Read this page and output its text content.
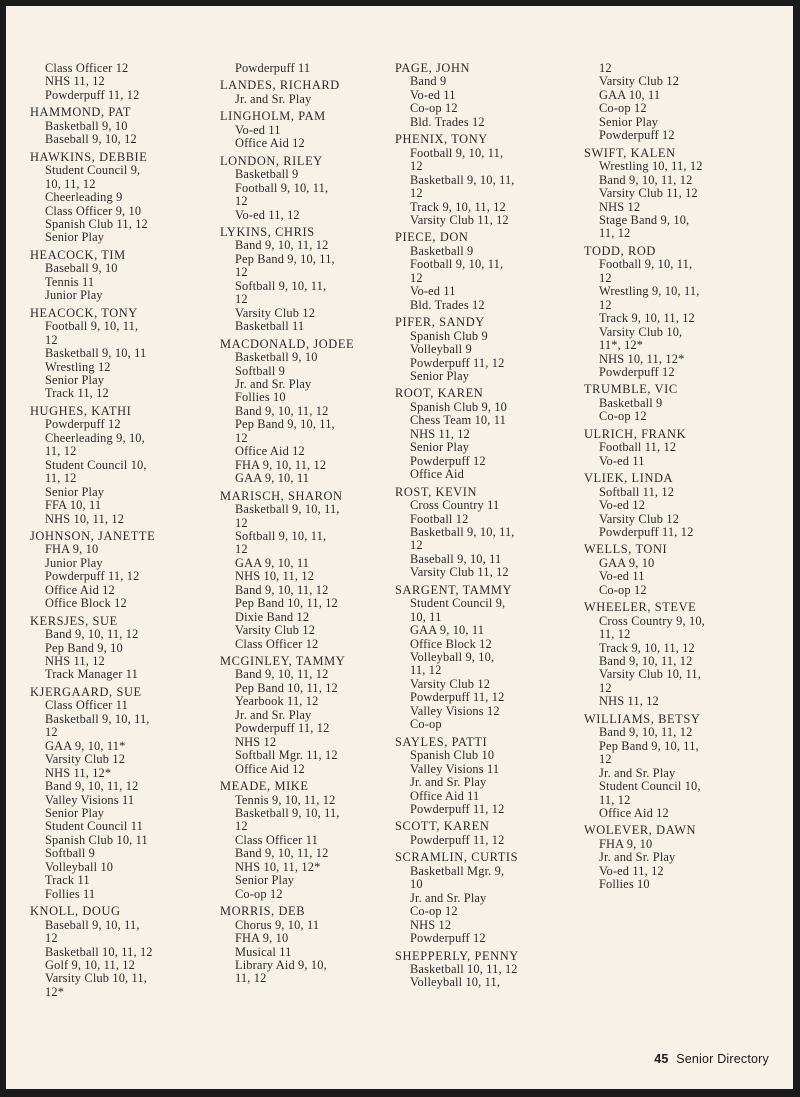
Class Officer 12
NHS 11, 12
Powderpuff 11, 12
HAMMOND, PAT
Basketball 9, 10
Baseball 9, 10, 12
HAWKINS, DEBBIE
Student Council 9,
10, 11, 12
Cheerleading 9
Class Officer 9, 10
Spanish Club 11, 12
Senior Play
HEACOCK, TIM
Baseball 9, 10
Tennis 11
Junior Play
HEACOCK, TONY
Football 9, 10, 11,
12
Basketball 9, 10, 11
Wrestling 12
Senior Play
Track 11, 12
HUGHES, KATHI
Powderpuff 12
Cheerleading 9, 10,
11, 12
Student Council 10,
11, 12
Senior Play
FFA 10, 11
NHS 10, 11, 12
JOHNSON, JANETTE
FHA 9, 10
Junior Play
Powderpuff 11, 12
Office Aid 12
Office Block 12
KERSJES, SUE
Band 9, 10, 11, 12
Pep Band 9, 10
NHS 11, 12
Track Manager 11
KJERGAARD, SUE
Class Officer 11
Basketball 9, 10, 11,
12
GAA 9, 10, 11*
Varsity Club 12
NHS 11, 12*
Band 9, 10, 11, 12
Valley Visions 11
Senior Play
Student Council 11
Spanish Club 10, 11
Softball 9
Volleyball 10
Track 11
Follies 11
KNOLL, DOUG
Baseball 9, 10, 11,
12
Basketball 10, 11, 12
Golf 9, 10, 11, 12
Varsity Club 10, 11,
12*
Powderpuff 11
LANDES, RICHARD
Jr. and Sr. Play
LINGHOLM, PAM
Vo-ed 11
Office Aid 12
LONDON, RILEY
Basketball 9
Football 9, 10, 11,
12
Vo-ed 11, 12
LYKINS, CHRIS
Band 9, 10, 11, 12
Pep Band 9, 10, 11,
12
Softball 9, 10, 11,
12
Varsity Club 12
Basketball 11
MACDONALD, JODEE
Basketball 9, 10
Softball 9
Jr. and Sr. Play
Follies 10
Band 9, 10, 11, 12
Pep Band 9, 10, 11,
12
Office Aid 12
FHA 9, 10, 11, 12
GAA 9, 10, 11
MARISCH, SHARON
Basketball 9, 10, 11,
12
Softball 9, 10, 11,
12
GAA 9, 10, 11
NHS 10, 11, 12
Band 9, 10, 11, 12
Pep Band 10, 11, 12
Dixie Band 12
Varsity Club 12
Class Officer 12
MCGINLEY, TAMMY
Band 9, 10, 11, 12
Pep Band 10, 11, 12
Yearbook 11, 12
Jr. and Sr. Play
Powderpuff 11, 12
NHS 12
Softball Mgr. 11, 12
Office Aid 12
MEADE, MIKE
Tennis 9, 10, 11, 12
Basketball 9, 10, 11,
12
Class Officer 11
Band 9, 10, 11, 12
NHS 10, 11, 12*
Senior Play
Co-op 12
MORRIS, DEB
Chorus 9, 10, 11
FHA 9, 10
Musical 11
Library Aid 9, 10,
11, 12
PAGE, JOHN
Band 9
Vo-ed 11
Co-op 12
Bld. Trades 12
PHENIX, TONY
Football 9, 10, 11,
12
Basketball 9, 10, 11,
12
Track 9, 10, 11, 12
Varsity Club 11, 12
PIECE, DON
Basketball 9
Football 9, 10, 11,
12
Vo-ed 11
Bld. Trades 12
PIFER, SANDY
Spanish Club 9
Volleyball 9
Powderpuff 11, 12
Senior Play
ROOT, KAREN
Spanish Club 9, 10
Chess Team 10, 11
NHS 11, 12
Senior Play
Powderpuff 12
Office Aid
ROST, KEVIN
Cross Country 11
Football 12
Basketball 9, 10, 11,
12
Baseball 9, 10, 11
Varsity Club 11, 12
SARGENT, TAMMY
Student Council 9,
10, 11
GAA 9, 10, 11
Office Block 12
Volleyball 9, 10,
11, 12
Varsity Club 12
Powderpuff 11, 12
Valley Visions 12
Co-op
SAYLES, PATTI
Spanish Club 10
Valley Visions 11
Jr. and Sr. Play
Office Aid 11
Powderpuff 11, 12
SCOTT, KAREN
Powderpuff 11, 12
SCRAMLIN, CURTIS
Basketball Mgr. 9,
10
Jr. and Sr. Play
Co-op 12
NHS 12
Powderpuff 12
SHEPPERLY, PENNY
Basketball 10, 11, 12
Volleyball 10, 11,
12
Varsity Club 12
GAA 10, 11
Co-op 12
Senior Play
Powderpuff 12
SWIFT, KALEN
Wrestling 10, 11, 12
Band 9, 10, 11, 12
Varsity Club 11, 12
NHS 12
Stage Band 9, 10,
11, 12
TODD, ROD
Football 9, 10, 11,
12
Wrestling 9, 10, 11,
12
Track 9, 10, 11, 12
Varsity Club 10,
11*, 12*
NHS 10, 11, 12*
Powderpuff 12
TRUMBLE, VIC
Basketball 9
Co-op 12
ULRICH, FRANK
Football 11, 12
Vo-ed 11
VLIEK, LINDA
Softball 11, 12
Vo-ed 12
Varsity Club 12
Powderpuff 11, 12
WELLS, TONI
GAA 9, 10
Vo-ed 11
Co-op 12
WHEELER, STEVE
Cross Country 9, 10,
11, 12
Track 9, 10, 11, 12
Band 9, 10, 11, 12
Varsity Club 10, 11,
12
NHS 11, 12
WILLIAMS, BETSY
Band 9, 10, 11, 12
Pep Band 9, 10, 11,
12
Jr. and Sr. Play
Student Council 10,
11, 12
Office Aid 12
WOLEVER, DAWN
FHA 9, 10
Jr. and Sr. Play
Vo-ed 11, 12
Follies 10
45 Senior Directory
